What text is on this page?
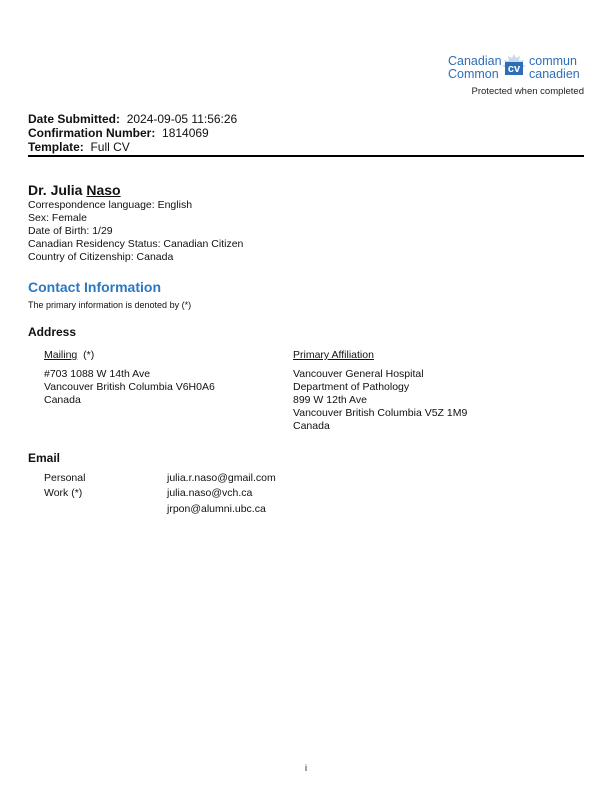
Canadian
Common cv
commun
canadien
Protected when completed
Date Submitted: 2024-09-05 11:56:26
Confirmation Number: 1814069
Template: Full CV
Dr. Julia Naso
Correspondence language: English
Sex: Female
Date of Birth: 1/29
Canadian Residency Status: Canadian Citizen
Country of Citizenship: Canada
Contact Information
The primary information is denoted by (*)
Address
Mailing (*)
#703 1088 W 14th Ave
Vancouver British Columbia V6H0A6
Canada
Primary Affiliation
Vancouver General Hospital
Department of Pathology
899 W 12th Ave
Vancouver British Columbia V5Z 1M9
Canada
Email
Personal	julia.r.naso@gmail.com
Work (*)	julia.naso@vch.ca
jrpon@alumni.ubc.ca
i
